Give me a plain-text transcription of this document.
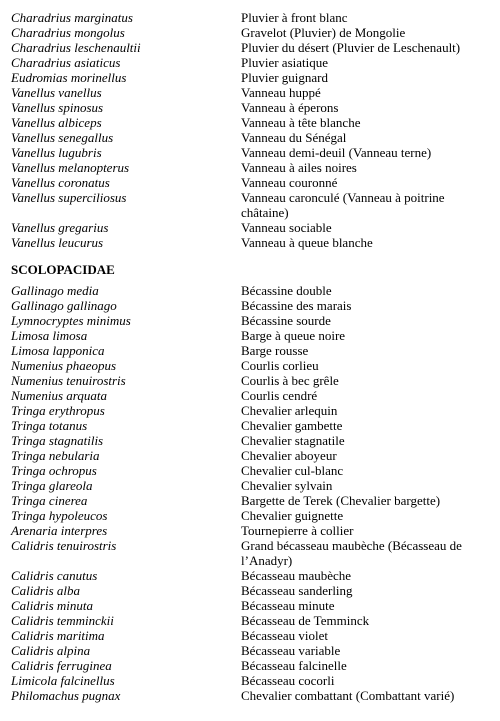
Charadrius marginatus	Pluvier à front blanc
Charadrius mongolus	Gravelot (Pluvier) de Mongolie
Charadrius leschenaultii	Pluvier du désert (Pluvier de Leschenault)
Charadrius asiaticus	Pluvier asiatique
Eudromias morinellus	Pluvier guignard
Vanellus vanellus	Vanneau huppé
Vanellus spinosus	Vanneau à éperons
Vanellus albiceps	Vanneau à tête blanche
Vanellus senegallus	Vanneau du Sénégal
Vanellus lugubris	Vanneau demi-deuil (Vanneau terne)
Vanellus melanopterus	Vanneau à ailes noires
Vanellus coronatus	Vanneau couronné
Vanellus superciliosus	Vanneau caronculé (Vanneau à poitrine châtaine)
Vanellus gregarius	Vanneau sociable
Vanellus leucurus	Vanneau à queue blanche
SCOLOPACIDAE
Gallinago media	Bécassine double
Gallinago gallinago	Bécassine des marais
Lymnocryptes minimus	Bécassine sourde
Limosa limosa	Barge à queue noire
Limosa lapponica	Barge rousse
Numenius phaeopus	Courlis corlieu
Numenius tenuirostris	Courlis à bec grêle
Numenius arquata	Courlis cendré
Tringa erythropus	Chevalier arlequin
Tringa totanus	Chevalier gambette
Tringa stagnatilis	Chevalier stagnatile
Tringa nebularia	Chevalier aboyeur
Tringa ochropus	Chevalier cul-blanc
Tringa glareola	Chevalier sylvain
Tringa cinerea	Bargette de Terek (Chevalier bargette)
Tringa hypoleucos	Chevalier guignette
Arenaria interpres	Tournepierre à collier
Calidris tenuirostris	Grand bécasseau maubèche (Bécasseau de l’Anadyr)
Calidris canutus	Bécasseau maubèche
Calidris alba	Bécasseau sanderling
Calidris minuta	Bécasseau minute
Calidris temminckii	Bécasseau de Temminck
Calidris maritima	Bécasseau violet
Calidris alpina	Bécasseau variable
Calidris ferruginea	Bécasseau falcinelle
Limicola falcinellus	Bécasseau cocorli
Philomachus pugnax	Chevalier combattant (Combattant varié)
